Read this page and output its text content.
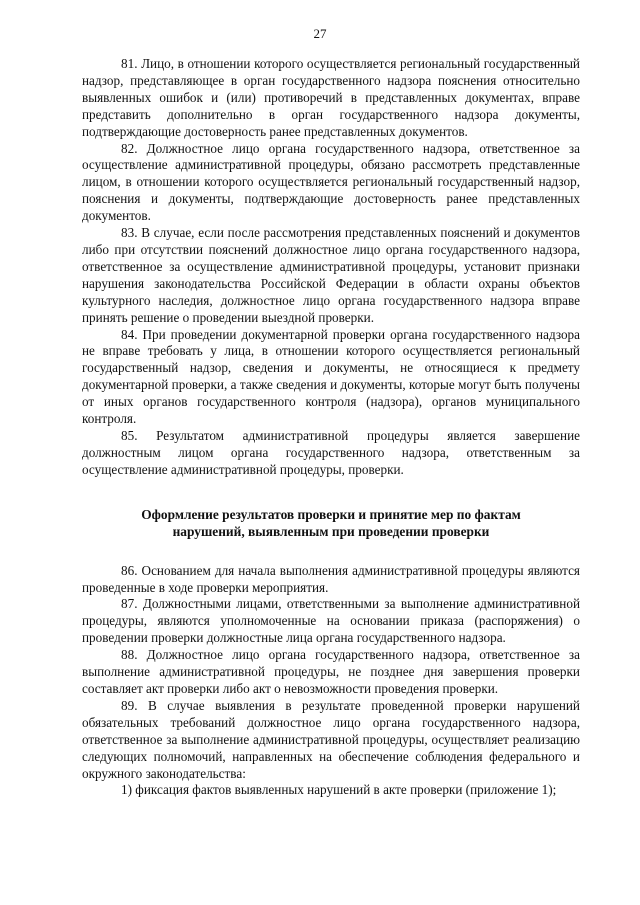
27

81. Лицо, в отношении которого осуществляется региональный государственный надзор, представляющее в орган государственного надзора пояснения относительно выявленных ошибок и (или) противоречий в представленных документах, вправе представить дополнительно в орган государственного надзора документы, подтверждающие достоверность ранее представленных документов.

82. Должностное лицо органа государственного надзора, ответственное за осуществление административной процедуры, обязано рассмотреть представленные лицом, в отношении которого осуществляется региональный государственный надзор, пояснения и документы, подтверждающие достоверность ранее представленных документов.

83. В случае, если после рассмотрения представленных пояснений и документов либо при отсутствии пояснений должностное лицо органа государственного надзора, ответственное за осуществление административной процедуры, установит признаки нарушения законодательства Российской Федерации в области охраны объектов культурного наследия, должностное лицо органа государственного надзора вправе принять решение о проведении выездной проверки.

84. При проведении документарной проверки органа государственного надзора не вправе требовать у лица, в отношении которого осуществляется региональный государственный надзор, сведения и документы, не относящиеся к предмету документарной проверки, а также сведения и документы, которые могут быть получены от иных органов государственного контроля (надзора), органов муниципального контроля.

85. Результатом административной процедуры является завершение должностным лицом органа государственного надзора, ответственным за осуществление административной процедуры, проверки.

Оформление результатов проверки и принятие мер по фактам
нарушений, выявленным при проведении проверки

86. Основанием для начала выполнения административной процедуры являются проведенные в ходе проверки мероприятия.

87. Должностными лицами, ответственными за выполнение административной процедуры, являются уполномоченные на основании приказа (распоряжения) о проведении проверки должностные лица органа государственного надзора.

88. Должностное лицо органа государственного надзора, ответственное за выполнение административной процедуры, не позднее дня завершения проверки составляет акт проверки либо акт о невозможности проведения проверки.

89. В случае выявления в результате проведенной проверки нарушений обязательных требований должностное лицо органа государственного надзора, ответственное за выполнение административной процедуры, осуществляет реализацию следующих полномочий, направленных на обеспечение соблюдения федерального и окружного законодательства:

1) фиксация фактов выявленных нарушений в акте проверки (приложение 1);
